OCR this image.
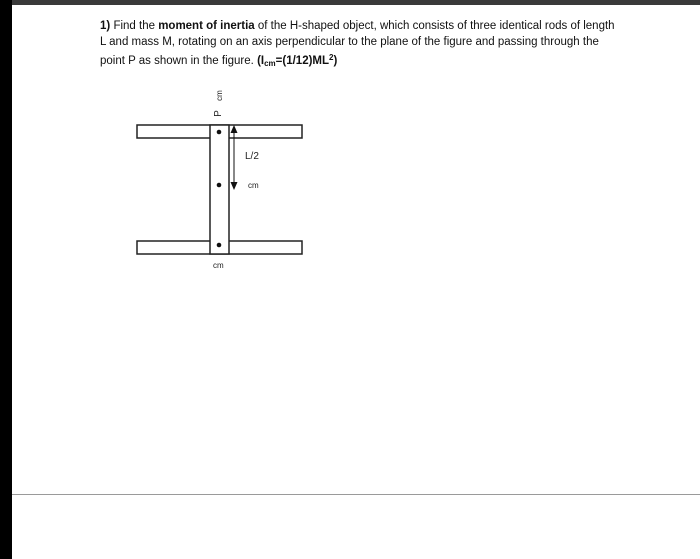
1) Find the moment of inertia of the H-shaped object, which consists of three identical rods of length L and mass M, rotating on an axis perpendicular to the plane of the figure and passing through the point P as shown in the figure. $(I_{cm}=(1/12)ML^2)$
cm
P
L/2
cm
cm
